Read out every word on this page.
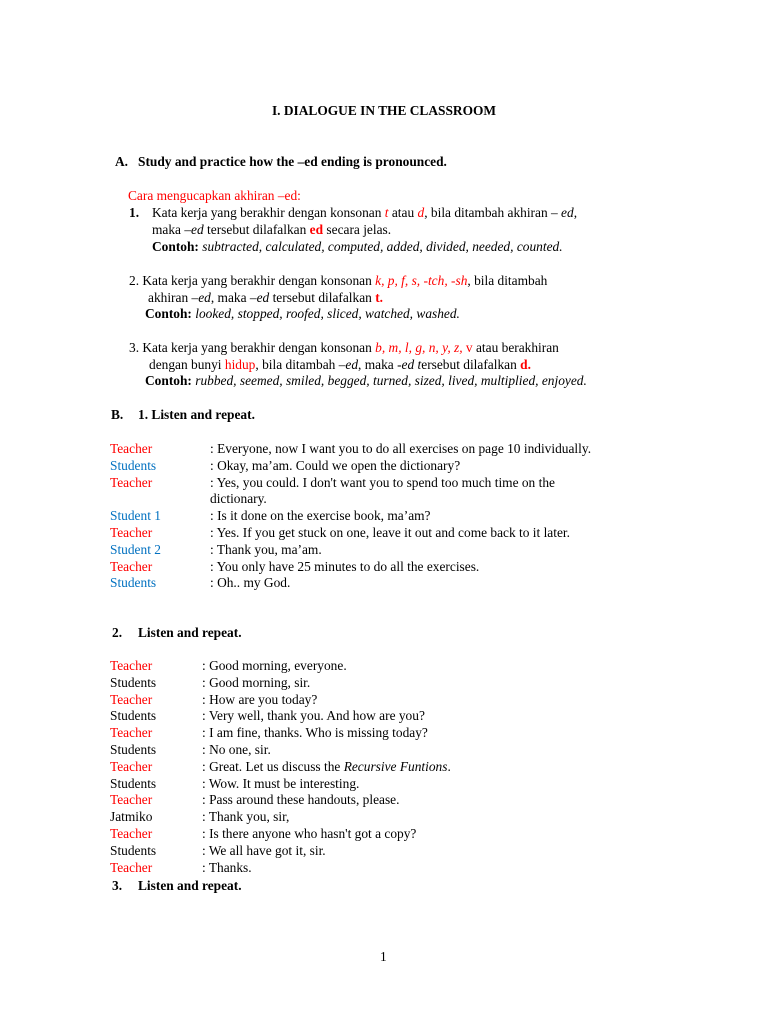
I. DIALOGUE IN THE CLASSROOM
A. Study and practice how the –ed ending is pronounced.
Cara mengucapkan akhiran –ed:
1. Kata kerja yang berakhir dengan konsonan t atau d, bila ditambah akhiran – ed,
maka –ed tersebut dilafalkan ed secara jelas.
Contoh: subtracted, calculated, computed, added, divided, needed, counted.
2. Kata kerja yang berakhir dengan konsonan k, p, f, s, -tch, -sh, bila ditambah
akhiran –ed, maka –ed tersebut dilafalkan t.
Contoh: looked, stopped, roofed, sliced, watched, washed.
3. Kata kerja yang berakhir dengan konsonan b, m, l, g, n, y, z, v atau berakhiran
dengan bunyi hidup, bila ditambah –ed, maka -ed tersebut dilafalkan d.
Contoh: rubbed, seemed, smiled, begged, turned, sized, lived, multiplied, enjoyed.
B. 1. Listen and repeat.
Teacher	: Everyone, now I want you to do all exercises on page 10 individually.
Students	: Okay, ma’am. Could we open the dictionary?
Teacher	: Yes, you could. I don't want you to spend too much time on the
dictionary.
Student 1	: Is it done on the exercise book, ma’am?
Teacher	: Yes. If you get stuck on one, leave it out and come back to it later.
Student 2	: Thank you, ma’am.
Teacher	: You only have 25 minutes to do all the exercises.
Students	: Oh.. my God.
2. Listen and repeat.
Teacher	: Good morning, everyone.
Students	: Good morning, sir.
Teacher	: How are you today?
Students	: Very well, thank you. And how are you?
Teacher	: I am fine, thanks. Who is missing today?
Students	: No one, sir.
Teacher	: Great. Let us discuss the Recursive Funtions.
Students	: Wow. It must be interesting.
Teacher	: Pass around these handouts, please.
Jatmiko	: Thank you, sir,
Teacher	: Is there anyone who hasn't got a copy?
Students	: We all have got it, sir.
Teacher	: Thanks.
3. Listen and repeat.
1
